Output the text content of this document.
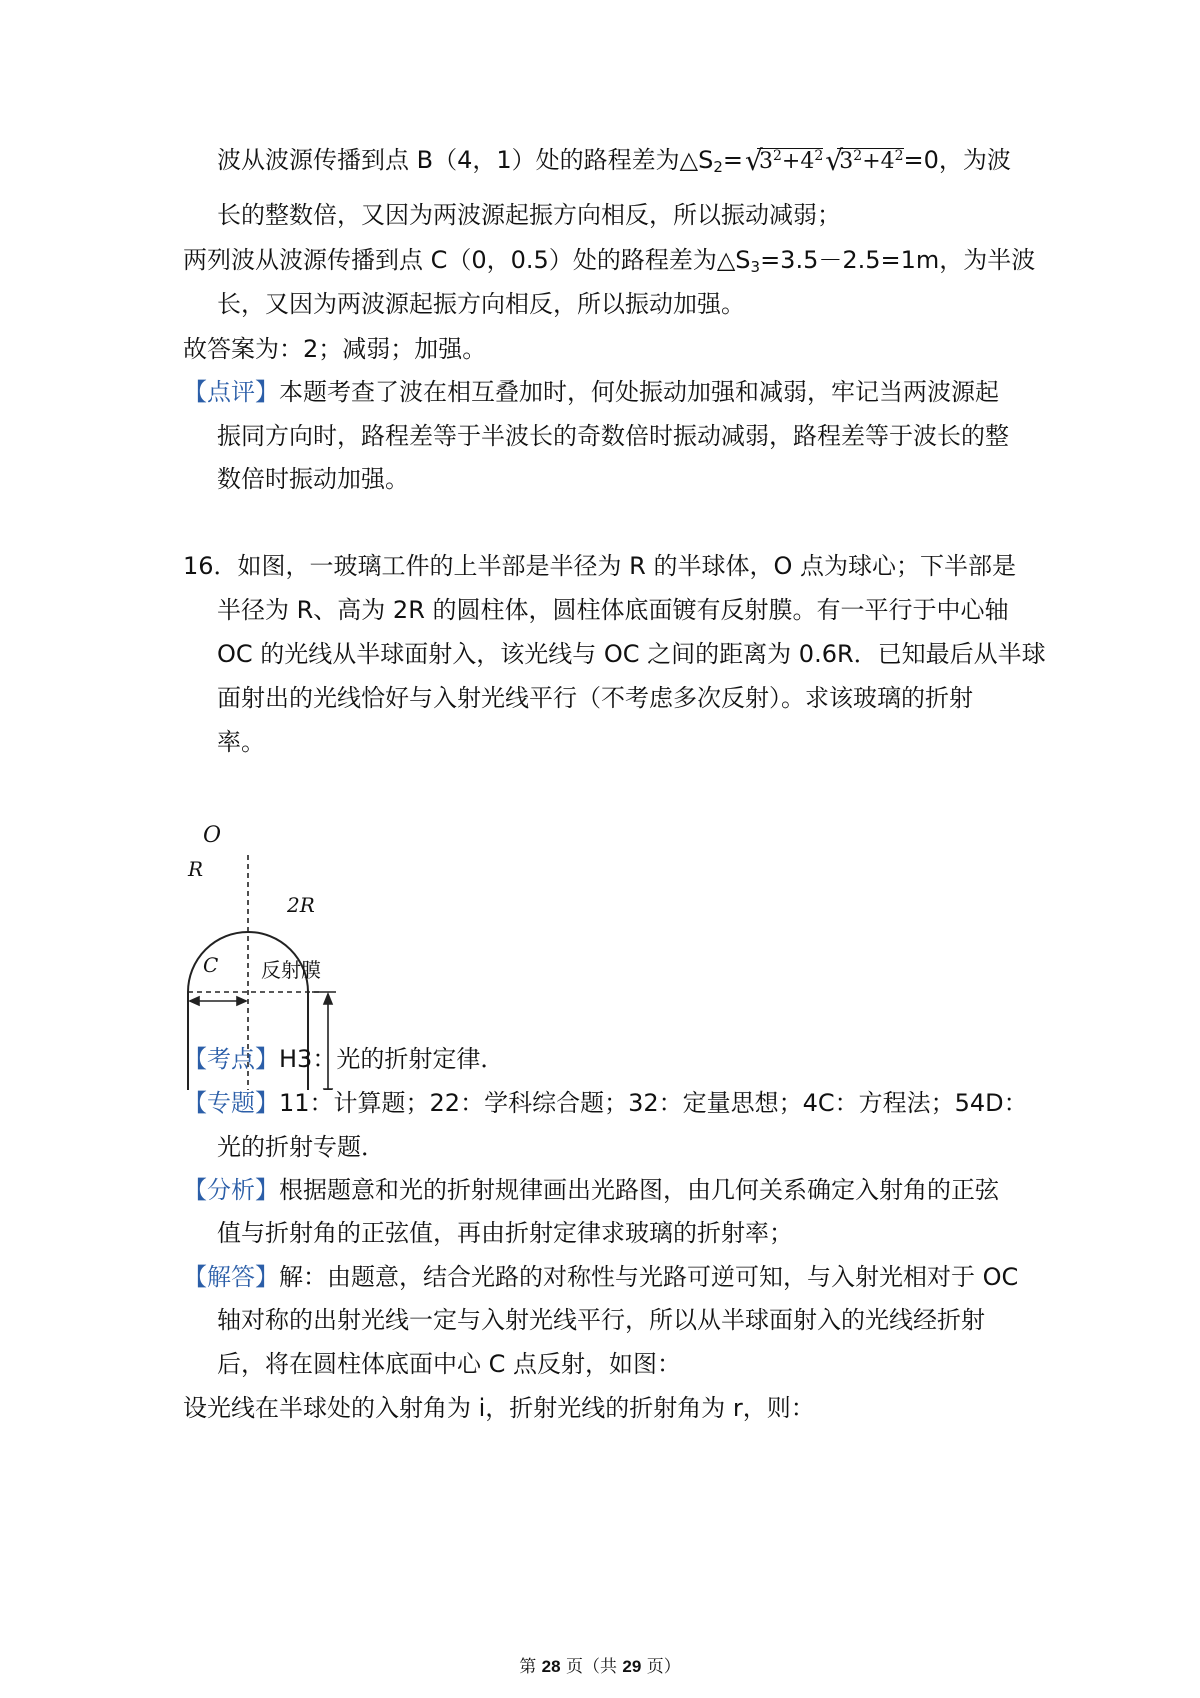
波从波源传播到点 B（4，1）处的路程差为$\triangle S_2=$ √
$3^2+4^2$ √
$3^2+4^2=0$，为波
长的整数倍，又因为两波源起振方向相反，所以振动减弱；
两列波从波源传播到点 C（0，0.5）处的路程差为$\triangle S_3=3.5-2.5=1m$，为半波
长，又因为两波源起振方向相反，所以振动加强。
故答案为：2；减弱；加强。
【点评】本题考查了波在相互叠加时，何处振动加强和减弱，牢记当两波源起
振同方向时，路程差等于半波长的奇数倍时振动减弱，路程差等于波长的整
数倍时振动加强。
16．如图，一玻璃工件的上半部是半径为 R 的半球体，O 点为球心；下半部是
半径为 R、高为 2R 的圆柱体，圆柱体底面镀有反射膜。有一平行于中心轴
OC 的光线从半球面射入，该光线与 OC 之间的距离为 0.6R．已知最后从半球
面射出的光线恰好与入射光线平行（不考虑多次反射）。求该玻璃的折射
率。
O
R
2R
C 反射膜
【考点】H3：光的折射定律．
【专题】11：计算题；22：学科综合题；32：定量思想；4C：方程法；54D：
光的折射专题．
【分析】根据题意和光的折射规律画出光路图，由几何关系确定入射角的正弦
值与折射角的正弦值，再由折射定律求玻璃的折射率；
【解答】解：由题意，结合光路的对称性与光路可逆可知，与入射光相对于 OC
轴对称的出射光线一定与入射光线平行，所以从半球面射入的光线经折射
后，将在圆柱体底面中心 C 点反射，如图：
设光线在半球处的入射角为 i，折射光线的折射角为 r，则：
第 28 页（共 29 页）
